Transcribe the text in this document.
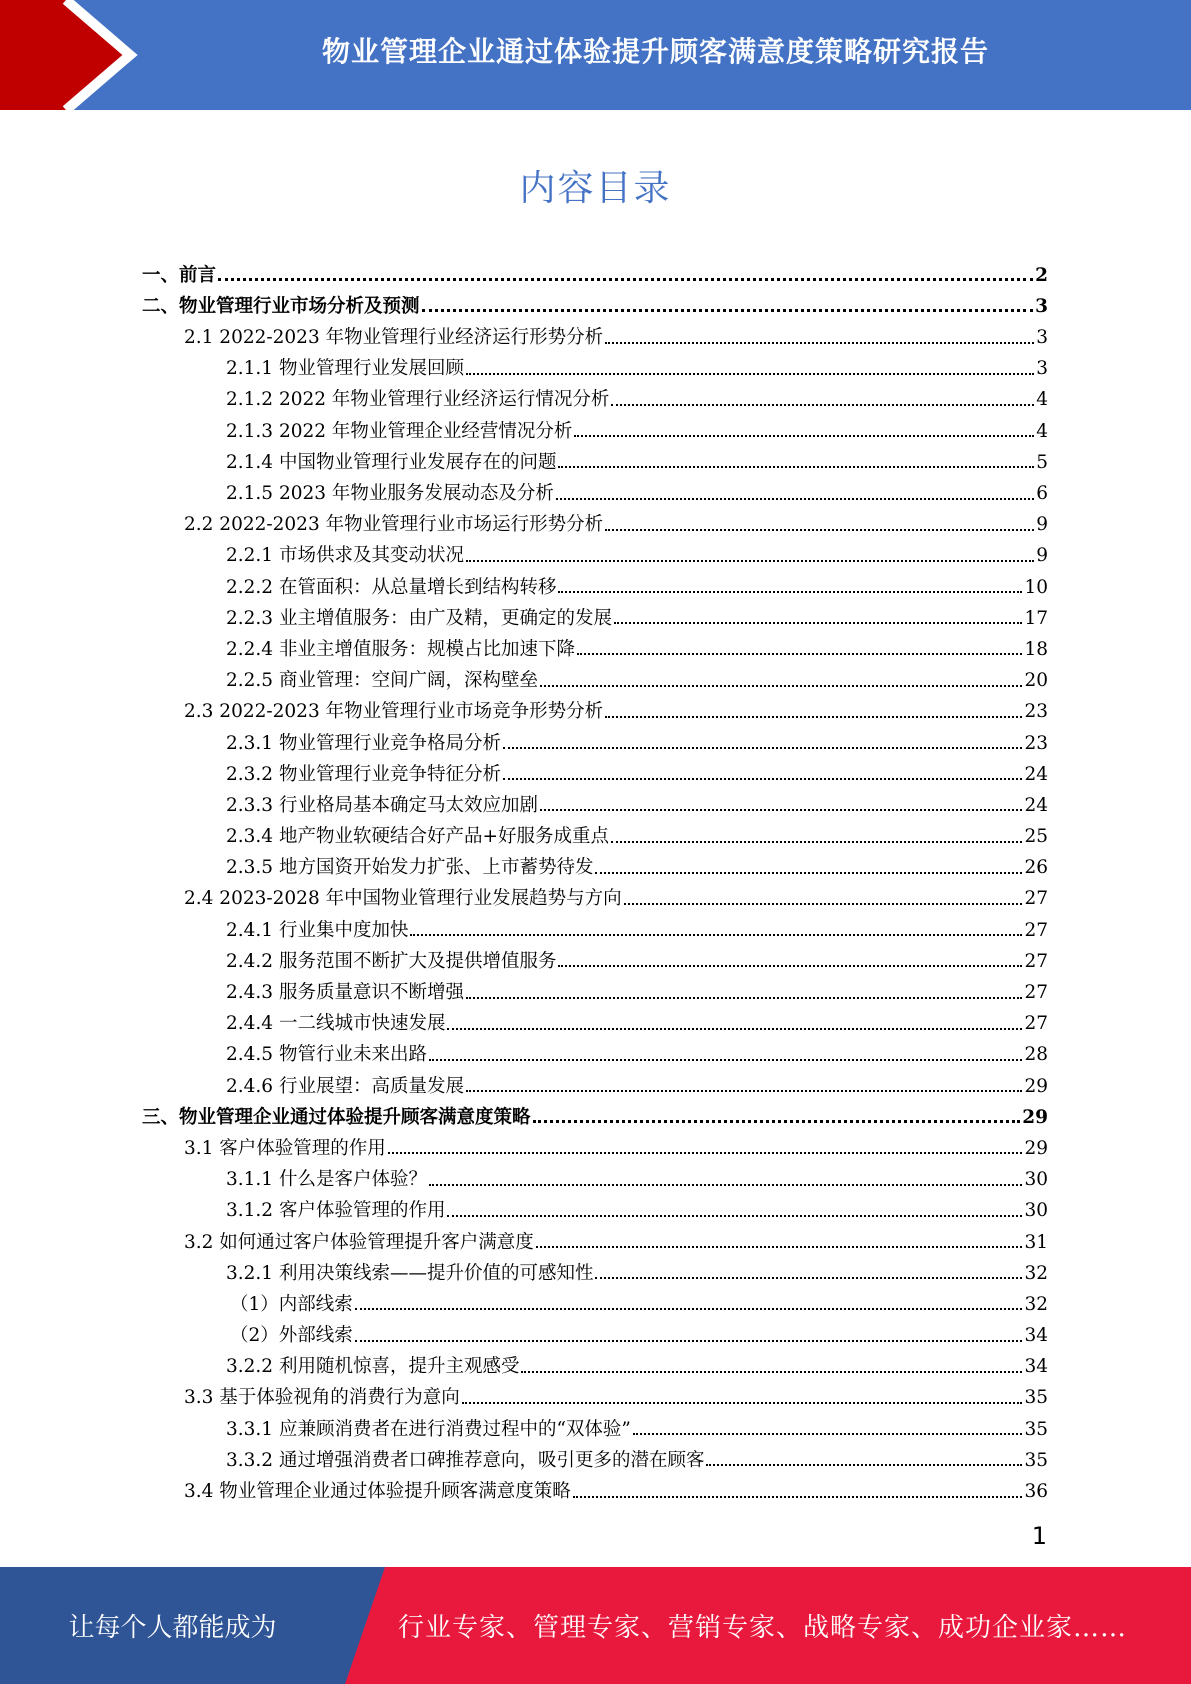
物业管理企业通过体验提升顾客满意度策略研究报告
内容目录
一、前言	2
二、物业管理行业市场分析及预测	3
2.1 2022-2023 年物业管理行业经济运行形势分析	3
2.1.1 物业管理行业发展回顾	3
2.1.2 2022 年物业管理行业经济运行情况分析	4
2.1.3 2022 年物业管理企业经营情况分析	4
2.1.4 中国物业管理行业发展存在的问题	5
2.1.5 2023 年物业服务发展动态及分析	6
2.2 2022-2023 年物业管理行业市场运行形势分析	9
2.2.1 市场供求及其变动状况	9
2.2.2 在管面积：从总量增长到结构转移	10
2.2.3 业主增值服务：由广及精，更确定的发展	17
2.2.4 非业主增值服务：规模占比加速下降	18
2.2.5 商业管理：空间广阔，深构壁垒	20
2.3 2022-2023 年物业管理行业市场竞争形势分析	23
2.3.1 物业管理行业竞争格局分析	23
2.3.2 物业管理行业竞争特征分析	24
2.3.3 行业格局基本确定马太效应加剧	24
2.3.4 地产物业软硬结合好产品+好服务成重点	25
2.3.5 地方国资开始发力扩张、上市蓄势待发	26
2.4 2023-2028 年中国物业管理行业发展趋势与方向	27
2.4.1 行业集中度加快	27
2.4.2 服务范围不断扩大及提供增值服务	27
2.4.3 服务质量意识不断增强	27
2.4.4 一二线城市快速发展	27
2.4.5 物管行业未来出路	28
2.4.6 行业展望：高质量发展	29
三、物业管理企业通过体验提升顾客满意度策略	29
3.1 客户体验管理的作用	29
3.1.1 什么是客户体验？	30
3.1.2 客户体验管理的作用	30
3.2 如何通过客户体验管理提升客户满意度	31
3.2.1 利用决策线索——提升价值的可感知性	32
（1）内部线索	32
（2）外部线索	34
3.2.2 利用随机惊喜，提升主观感受	34
3.3 基于体验视角的消费行为意向	35
3.3.1 应兼顾消费者在进行消费过程中的“双体验”	35
3.3.2 通过增强消费者口碑推荐意向，吸引更多的潜在顾客	35
3.4 物业管理企业通过体验提升顾客满意度策略	36
1
让每个人都能成为	行业专家、管理专家、营销专家、战略专家、成功企业家……
